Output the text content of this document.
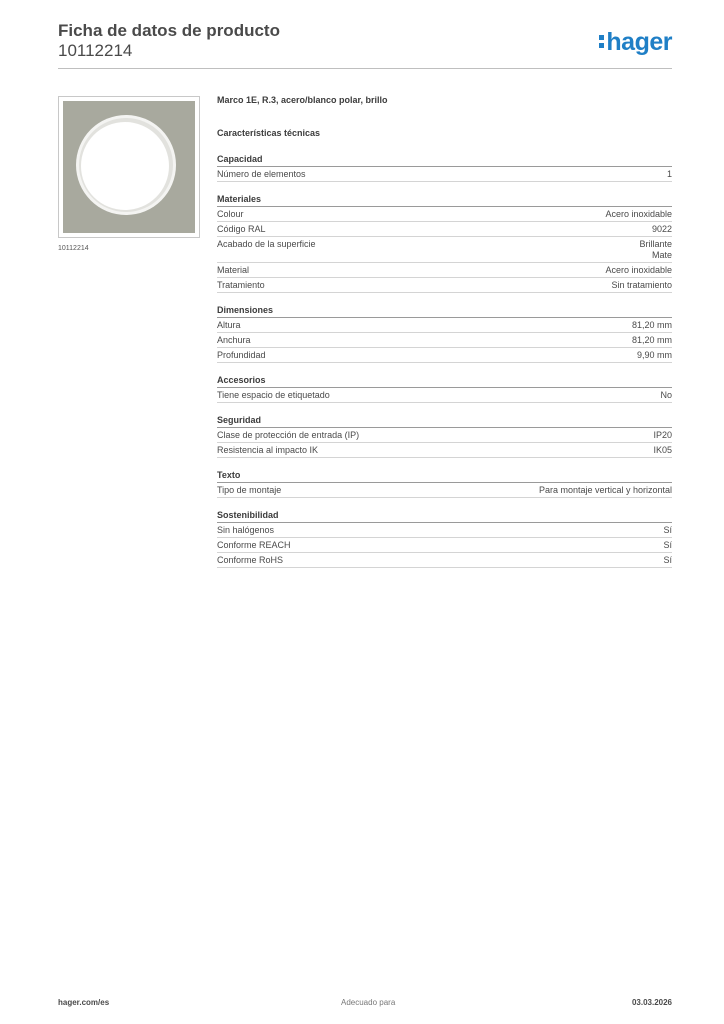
Ficha de datos de producto

10112214	hager
10112214

Marco 1E, R.3, acero/blanco polar, brillo

Características técnicas

Capacidad
Número de elementos	1
Materiales
Colour	Acero inoxidable
Código RAL	9022
Acabado de la superficie	Brillante
Mate
Material	Acero inoxidable
Tratamiento	Sin tratamiento
Dimensiones
Altura	81,20 mm
Anchura	81,20 mm
Profundidad	9,90 mm
Accesorios
Tiene espacio de etiquetado	No
Seguridad
Clase de protección de entrada (IP)	IP20
Resistencia al impacto IK	IK05
Texto
Tipo de montaje	Para montaje vertical y horizontal
Sostenibilidad
Sin halógenos	Sí
Conforme REACH	Sí
Conforme RoHS	Sí
hager.com/es	Adecuado para	03.03.2026
